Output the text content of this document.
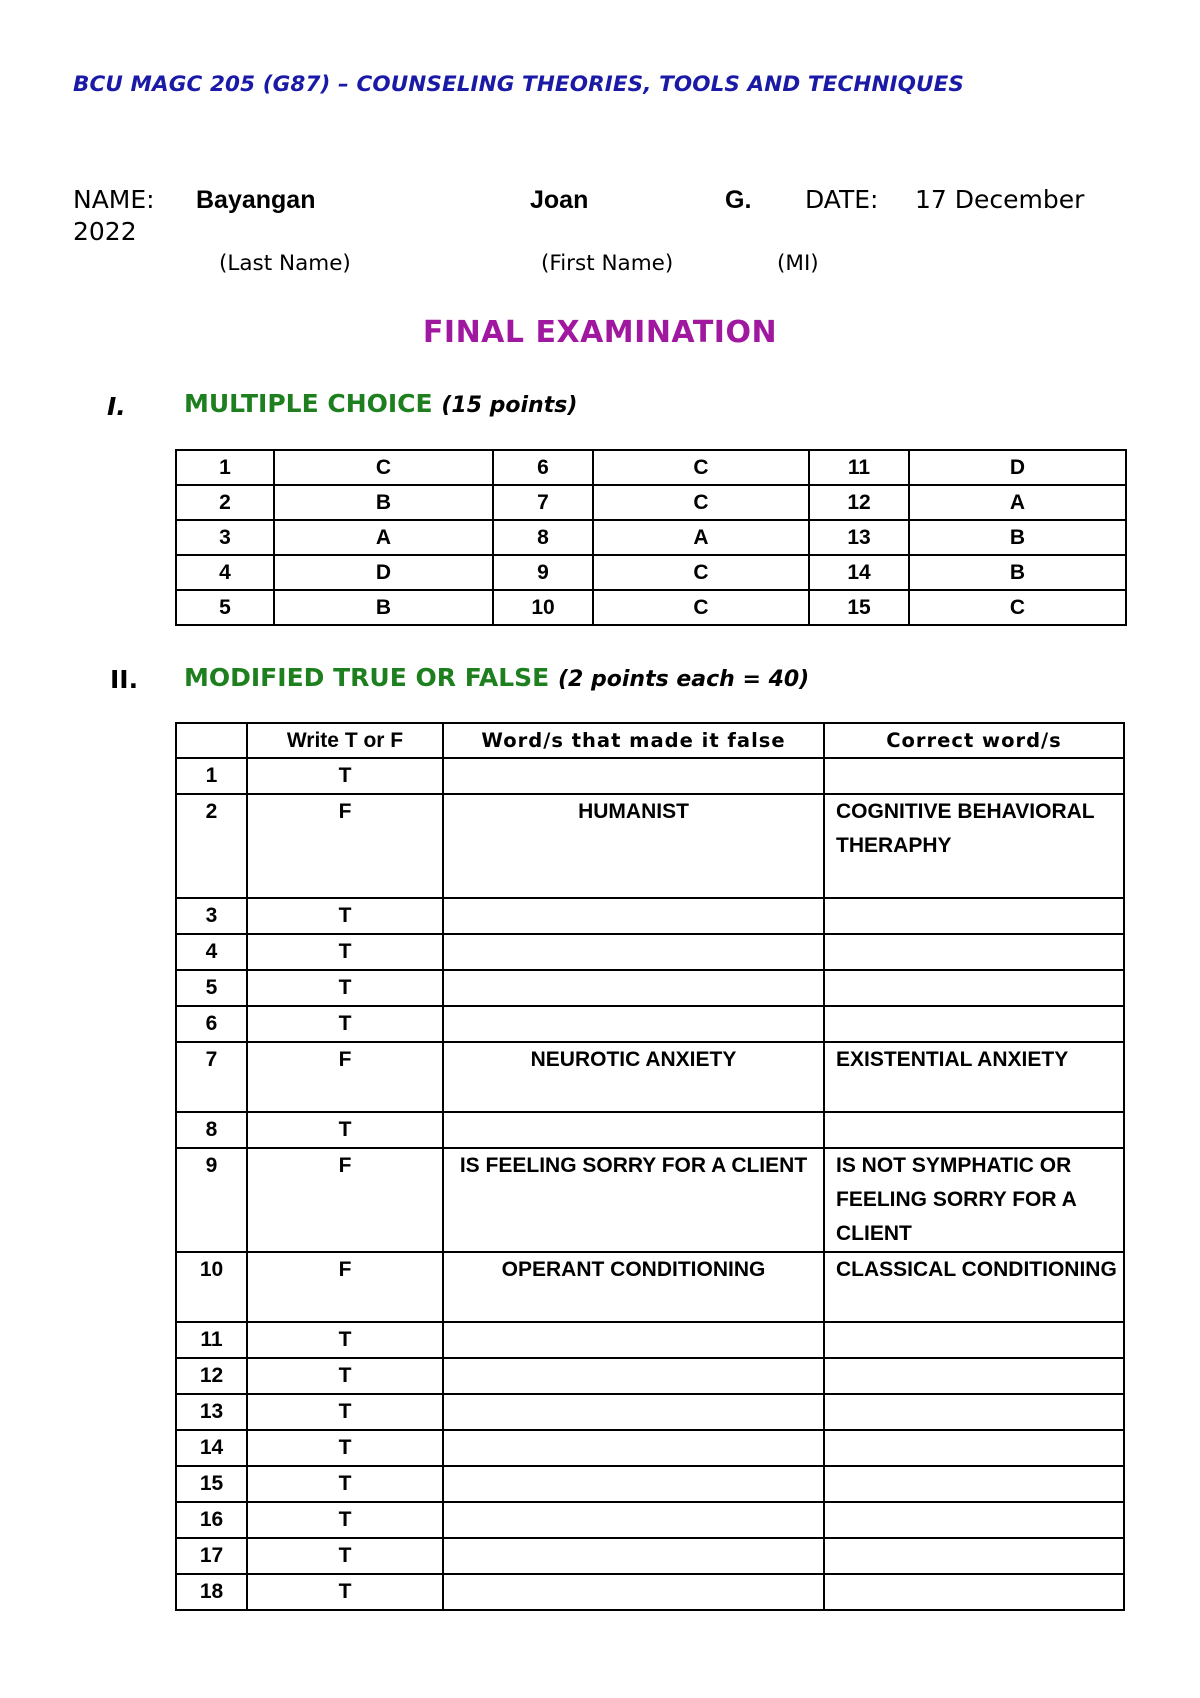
BCU MAGC 205 (G87) – COUNSELING THEORIES, TOOLS AND TECHNIQUES
NAME: Bayangan	Joan	G. DATE: 17 December
2022
(Last Name)	(First Name)	(MI)
FINAL EXAMINATION
I. MULTIPLE CHOICE (15 points)
1	C	6	C	11	D
2	B	7	C	12	A
3	A	8	A	13	B
4	D	9	C	14	B
5	B	10	C	15	C
II. MODIFIED TRUE OR FALSE (2 points each = 40)
	Write T or F	Word/s that made it false	Correct word/s
1	T		
2	F	HUMANIST	COGNITIVE BEHAVIORAL THERAPHY
3	T		
4	T		
5	T		
6	T		
7	F	NEUROTIC ANXIETY	EXISTENTIAL ANXIETY
8	T		
9	F	IS FEELING SORRY FOR A CLIENT	IS NOT SYMPHATIC OR FEELING SORRY FOR A CLIENT
10	F	OPERANT CONDITIONING	CLASSICAL CONDITIONING
11	T		
12	T		
13	T		
14	T		
15	T		
16	T		
17	T		
18	T		
